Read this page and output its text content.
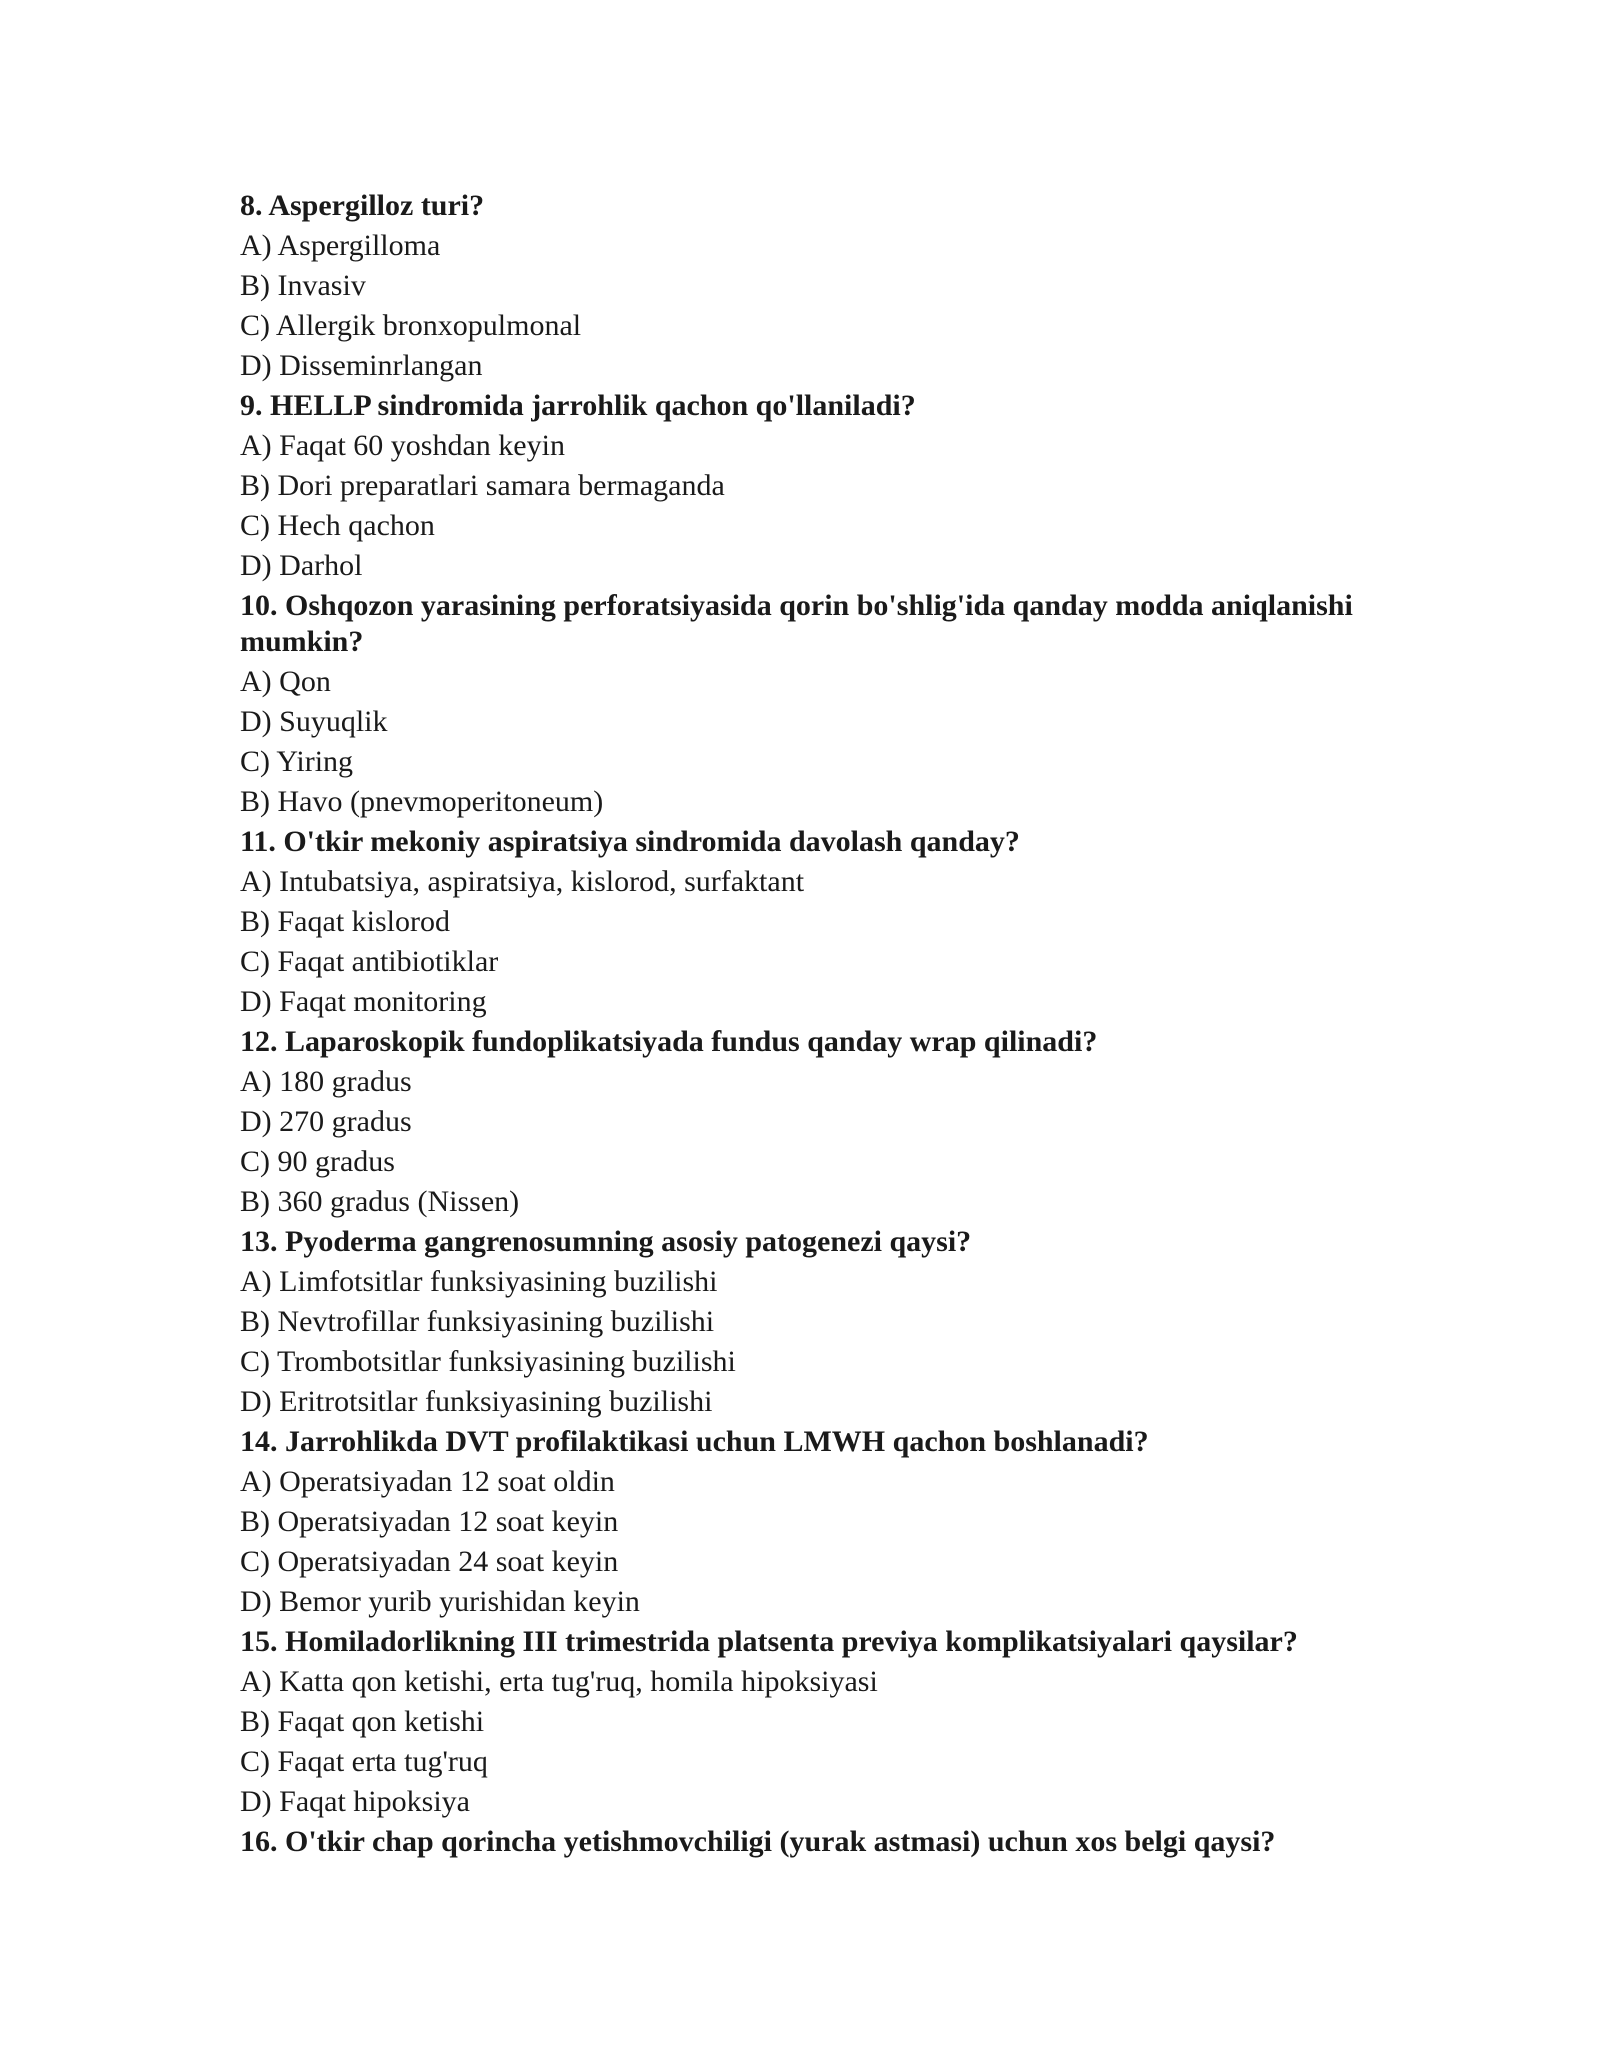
8. Aspergilloz turi?
A) Aspergilloma
B) Invasiv
C) Allergik bronxopulmonal
D) Disseminrlangan
9. HELLP sindromida jarrohlik qachon qo'llaniladi?
A) Faqat 60 yoshdan keyin
B) Dori preparatlari samara bermaganda
C) Hech qachon
D) Darhol
10. Oshqozon yarasining perforatsiyasida qorin bo'shlig'ida qanday modda aniqlanishi mumkin?
A) Qon
D) Suyuqlik
C) Yiring
B) Havo (pnevmoperitoneum)
11. O'tkir mekoniy aspiratsiya sindromida davolash qanday?
A) Intubatsiya, aspiratsiya, kislorod, surfaktant
B) Faqat kislorod
C) Faqat antibiotiklar
D) Faqat monitoring
12. Laparoskopik fundoplikatsiyada fundus qanday wrap qilinadi?
A) 180 gradus
D) 270 gradus
C) 90 gradus
B) 360 gradus (Nissen)
13. Pyoderma gangrenosumning asosiy patogenezi qaysi?
A) Limfotsitlar funksiyasining buzilishi
B) Nevtrofillar funksiyasining buzilishi
C) Trombotsitlar funksiyasining buzilishi
D) Eritrotsitlar funksiyasining buzilishi
14. Jarrohlikda DVT profilaktikasi uchun LMWH qachon boshlanadi?
A) Operatsiyadan 12 soat oldin
B) Operatsiyadan 12 soat keyin
C) Operatsiyadan 24 soat keyin
D) Bemor yurib yurishidan keyin
15. Homiladorlikning III trimestrida platsenta previya komplikatsiyalari qaysilar?
A) Katta qon ketishi, erta tug'ruq, homila hipoksiyasi
B) Faqat qon ketishi
C) Faqat erta tug'ruq
D) Faqat hipoksiya
16. O'tkir chap qorincha yetishmovchiligi (yurak astmasi) uchun xos belgi qaysi?
